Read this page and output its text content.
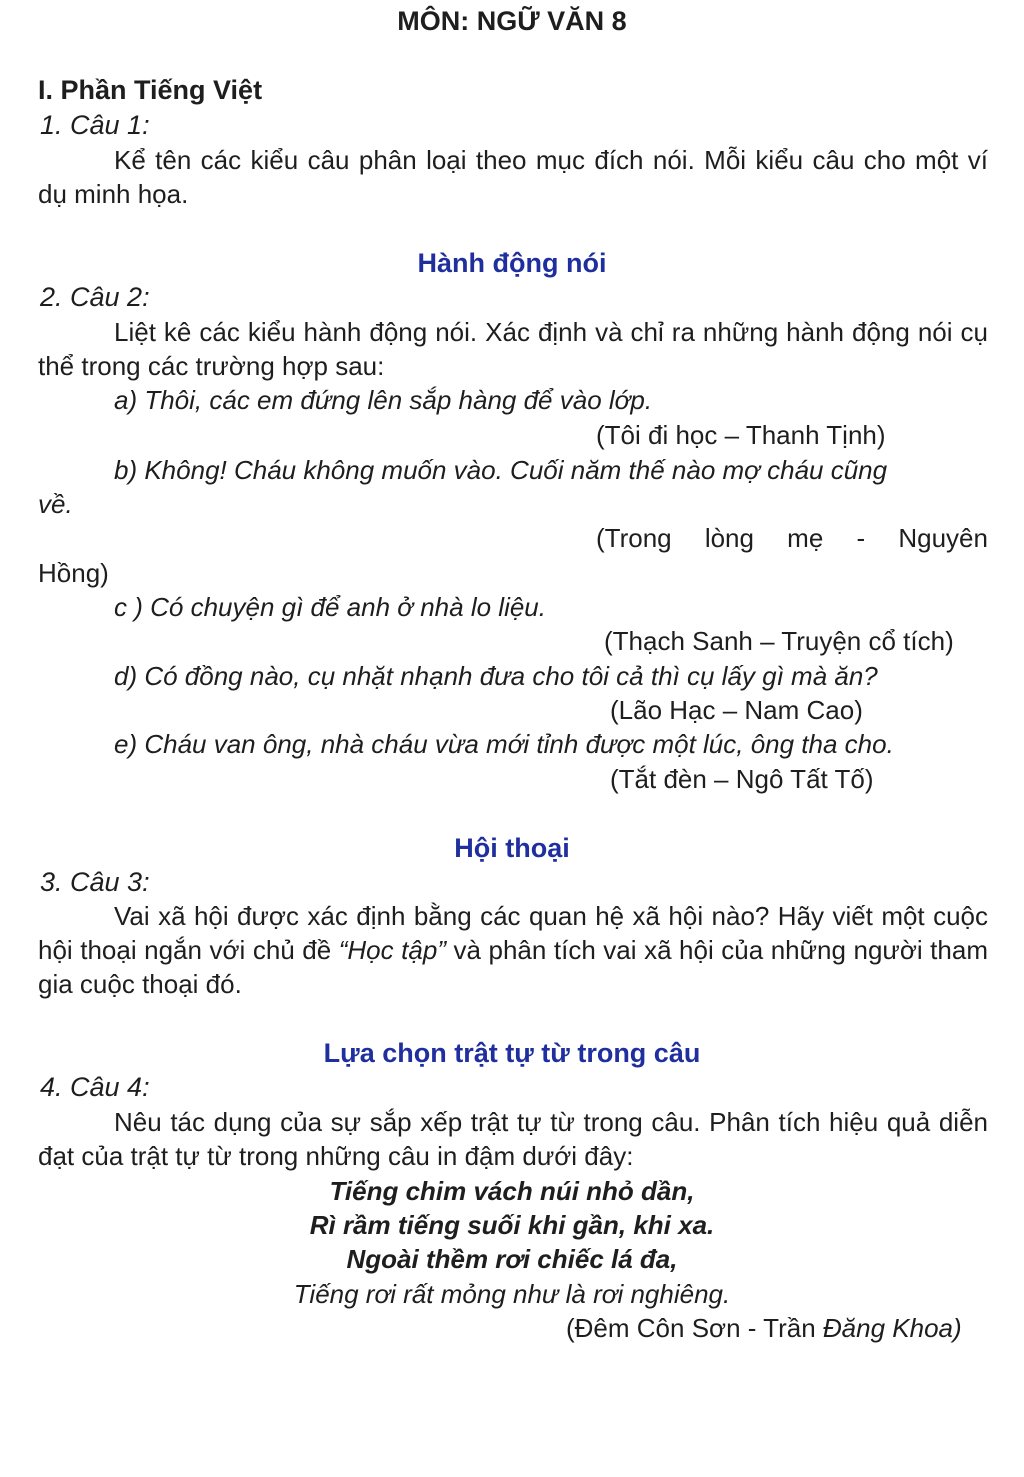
MÔN: NGỮ VĂN 8
I. Phần Tiếng Việt
1. Câu 1:
Kể tên các kiểu câu phân loại theo mục đích nói. Mỗi kiểu câu cho một ví dụ minh họa.
Hành động nói
2. Câu 2:
Liệt kê các kiểu hành động nói. Xác định và chỉ ra những hành động nói cụ thể trong các trường hợp sau:
a) Thôi, các em đứng lên sắp hàng để vào lớp.
(Tôi đi học – Thanh Tịnh)
b) Không! Cháu không muốn vào. Cuối năm thế nào mợ cháu cũng
về.
(Trong lòng mẹ - Nguyên
Hồng)
c ) Có chuyện gì để anh ở nhà lo liệu.
(Thạch Sanh – Truyện cổ tích)
d) Có đồng nào, cụ nhặt nhạnh đưa cho tôi cả thì cụ lấy gì mà ăn?
(Lão Hạc – Nam Cao)
e) Cháu van ông, nhà cháu vừa mới tỉnh được một lúc, ông tha cho.
(Tắt đèn – Ngô Tất Tố)
Hội thoại
3. Câu 3:
Vai xã hội được xác định bằng các quan hệ xã hội nào? Hãy viết một cuộc hội thoại ngắn với chủ đề “Học tập” và phân tích vai xã hội của những người tham gia cuộc thoại đó.
Lựa chọn trật tự từ trong câu
4. Câu 4:
Nêu tác dụng của sự sắp xếp trật tự từ trong câu. Phân tích hiệu quả diễn đạt của trật tự từ trong những câu in đậm dưới đây:
Tiếng chim vách núi nhỏ dần,
Rì rầm tiếng suối khi gần, khi xa.
Ngoài thềm rơi chiếc lá đa,
Tiếng rơi rất mỏng như là rơi nghiêng.
(Đêm Côn Sơn - Trần Đăng Khoa)
